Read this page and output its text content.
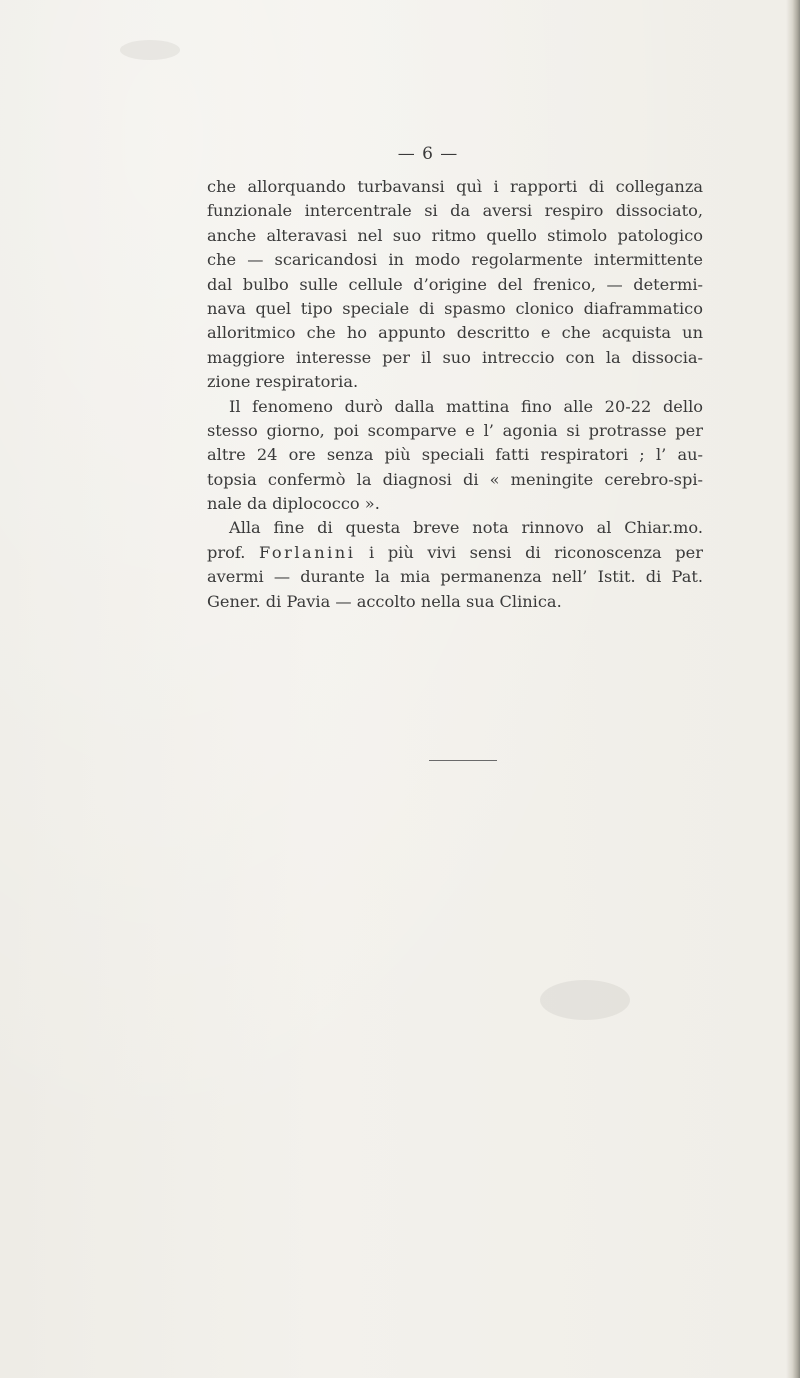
— 6 —
che allorquando turbavansi quì i rapporti di colleganza
funzionale intercentrale si da aversi respiro dissociato,
anche alteravasi nel suo ritmo quello stimolo patologico
che — scaricandosi in modo regolarmente intermittente
dal bulbo sulle cellule d’origine del frenico, — determi-
nava quel tipo speciale di spasmo clonico diaframmatico
alloritmico che ho appunto descritto e che acquista un
maggiore interesse per il suo intreccio con la dissocia-
zione respiratoria.
Il fenomeno durò dalla mattina fino alle 20-22 dello
stesso giorno, poi scomparve e l’ agonia si protrasse per
altre 24 ore senza più speciali fatti respiratori ; l’ au-
topsia confermò la diagnosi di « meningite cerebro-spi-
nale da diplococco ».
Alla fine di questa breve nota rinnovo al Chiar.mo.
prof. Forlanini i più vivi sensi di riconoscenza per
avermi — durante la mia permanenza nell’ Istit. di Pat.
Gener. di Pavia — accolto nella sua Clinica.
